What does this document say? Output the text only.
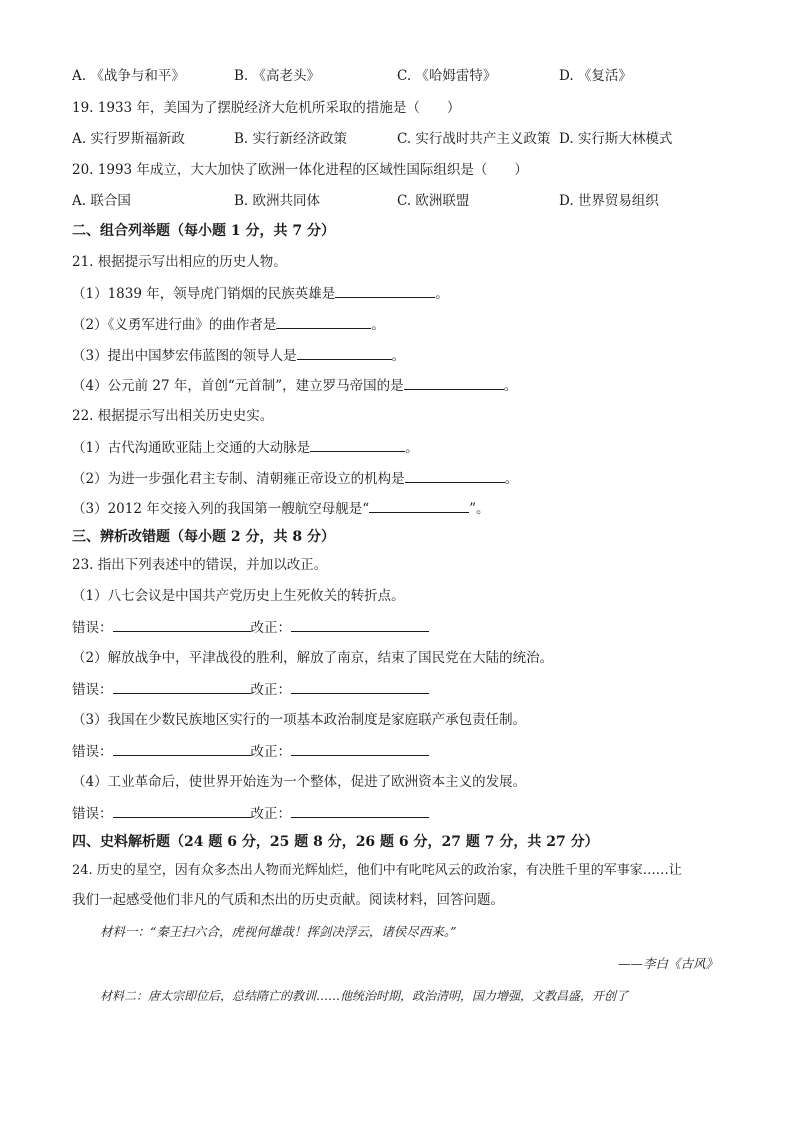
A. 《战争与和平》	B. 《高老头》	C. 《哈姆雷特》	D. 《复活》
19. 1933 年，美国为了摆脱经济大危机所采取的措施是（　　）
A. 实行罗斯福新政	B. 实行新经济政策	C. 实行战时共产主义政策 D. 实行斯大林模式
20. 1993 年成立，大大加快了欧洲一体化进程的区域性国际组织是（　　）
A. 联合国	B. 欧洲共同体	C. 欧洲联盟	D. 世界贸易组织
二、组合列举题（每小题 1 分，共 7 分）
21. 根据提示写出相应的历史人物。
（1）1839 年，领导虎门销烟的民族英雄是	。
（2）《义勇军进行曲》的曲作者是	。
（3）提出中国梦宏伟蓝图的领导人是	。
（4）公元前 27 年，首创“元首制”，建立罗马帝国的是	。
22. 根据提示写出相关历史史实。
（1）古代沟通欧亚陆上交通的大动脉是	。
（2）为进一步强化君主专制、清朝雍正帝设立的机构是	。
（3）2012 年交接入列的我国第一艘航空母舰是“	”。
三、辨析改错题（每小题 2 分，共 8 分）
23. 指出下列表述中的错误，并加以改正。
（1）八七会议是中国共产党历史上生死攸关的转折点。
错误：	改正：
（2）解放战争中，平津战役的胜利，解放了南京，结束了国民党在大陆的统治。
错误：	改正：
（3）我国在少数民族地区实行的一项基本政治制度是家庭联产承包责任制。
错误：	改正：
（4）工业革命后，使世界开始连为一个整体，促进了欧洲资本主义的发展。
错误：	改正：
四、史料解析题（24 题 6 分，25 题 8 分，26 题 6 分，27 题 7 分，共 27 分）
24. 历史的星空，因有众多杰出人物而光辉灿烂，他们中有叱咤风云的政治家，有决胜千里的军事家……让
我们一起感受他们非凡的气质和杰出的历史贡献。阅读材料，回答问题。
材料一：“秦王扫六合，虎视何雄哉！挥剑决浮云，诸侯尽西来。”
——李白《古风》
材料二：唐太宗即位后，总结隋亡的教训……他统治时期，政治清明，国力增强，文教昌盛，开创了
